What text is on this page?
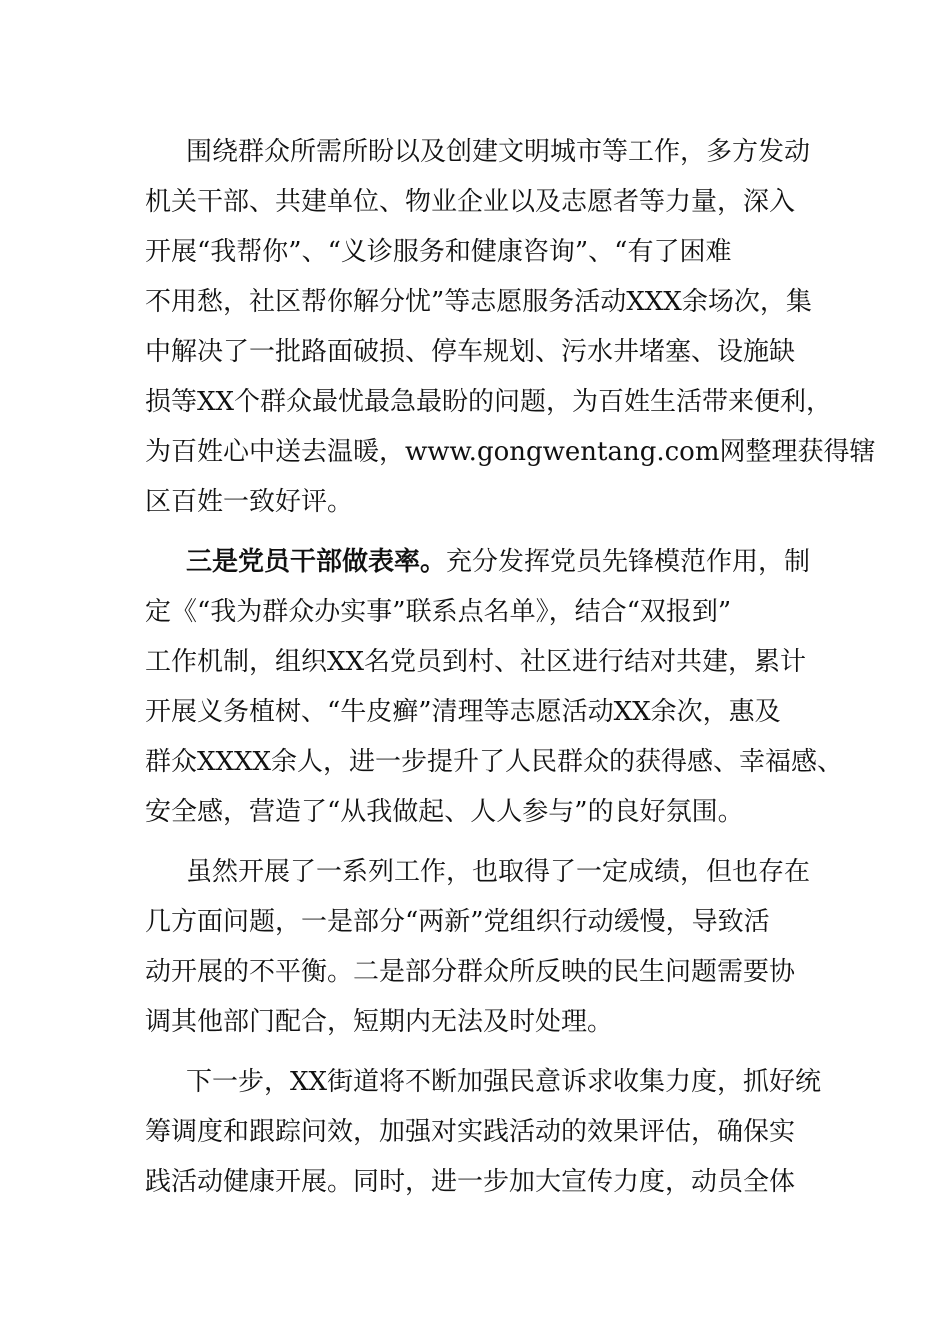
围绕群众所需所盼以及创建文明城市等工作，多方发动
机关干部、共建单位、物业企业以及志愿者等力量，深入
开展“我帮你”、“义诊服务和健康咨询”、“有了困难
不用愁，社区帮你解分忧”等志愿服务活动XXX余场次，集
中解决了一批路面破损、停车规划、污水井堵塞、设施缺
损等XX个群众最忧最急最盼的问题，为百姓生活带来便利，
为百姓心中送去温暖，www.gongwentang.com网整理获得辖
区百姓一致好评。
三是党员干部做表率。充分发挥党员先锋模范作用，制
定《“我为群众办实事”联系点名单》，结合“双报到”
工作机制，组织XX名党员到村、社区进行结对共建，累计
开展义务植树、“牛皮癣”清理等志愿活动XX余次，惠及
群众XXXX余人，进一步提升了人民群众的获得感、幸福感、
安全感，营造了“从我做起、人人参与”的良好氛围。
虽然开展了一系列工作，也取得了一定成绩，但也存在
几方面问题，一是部分“两新”党组织行动缓慢，导致活
动开展的不平衡。二是部分群众所反映的民生问题需要协
调其他部门配合，短期内无法及时处理。
下一步，XX街道将不断加强民意诉求收集力度，抓好统
筹调度和跟踪问效，加强对实践活动的效果评估，确保实
践活动健康开展。同时，进一步加大宣传力度，动员全体
